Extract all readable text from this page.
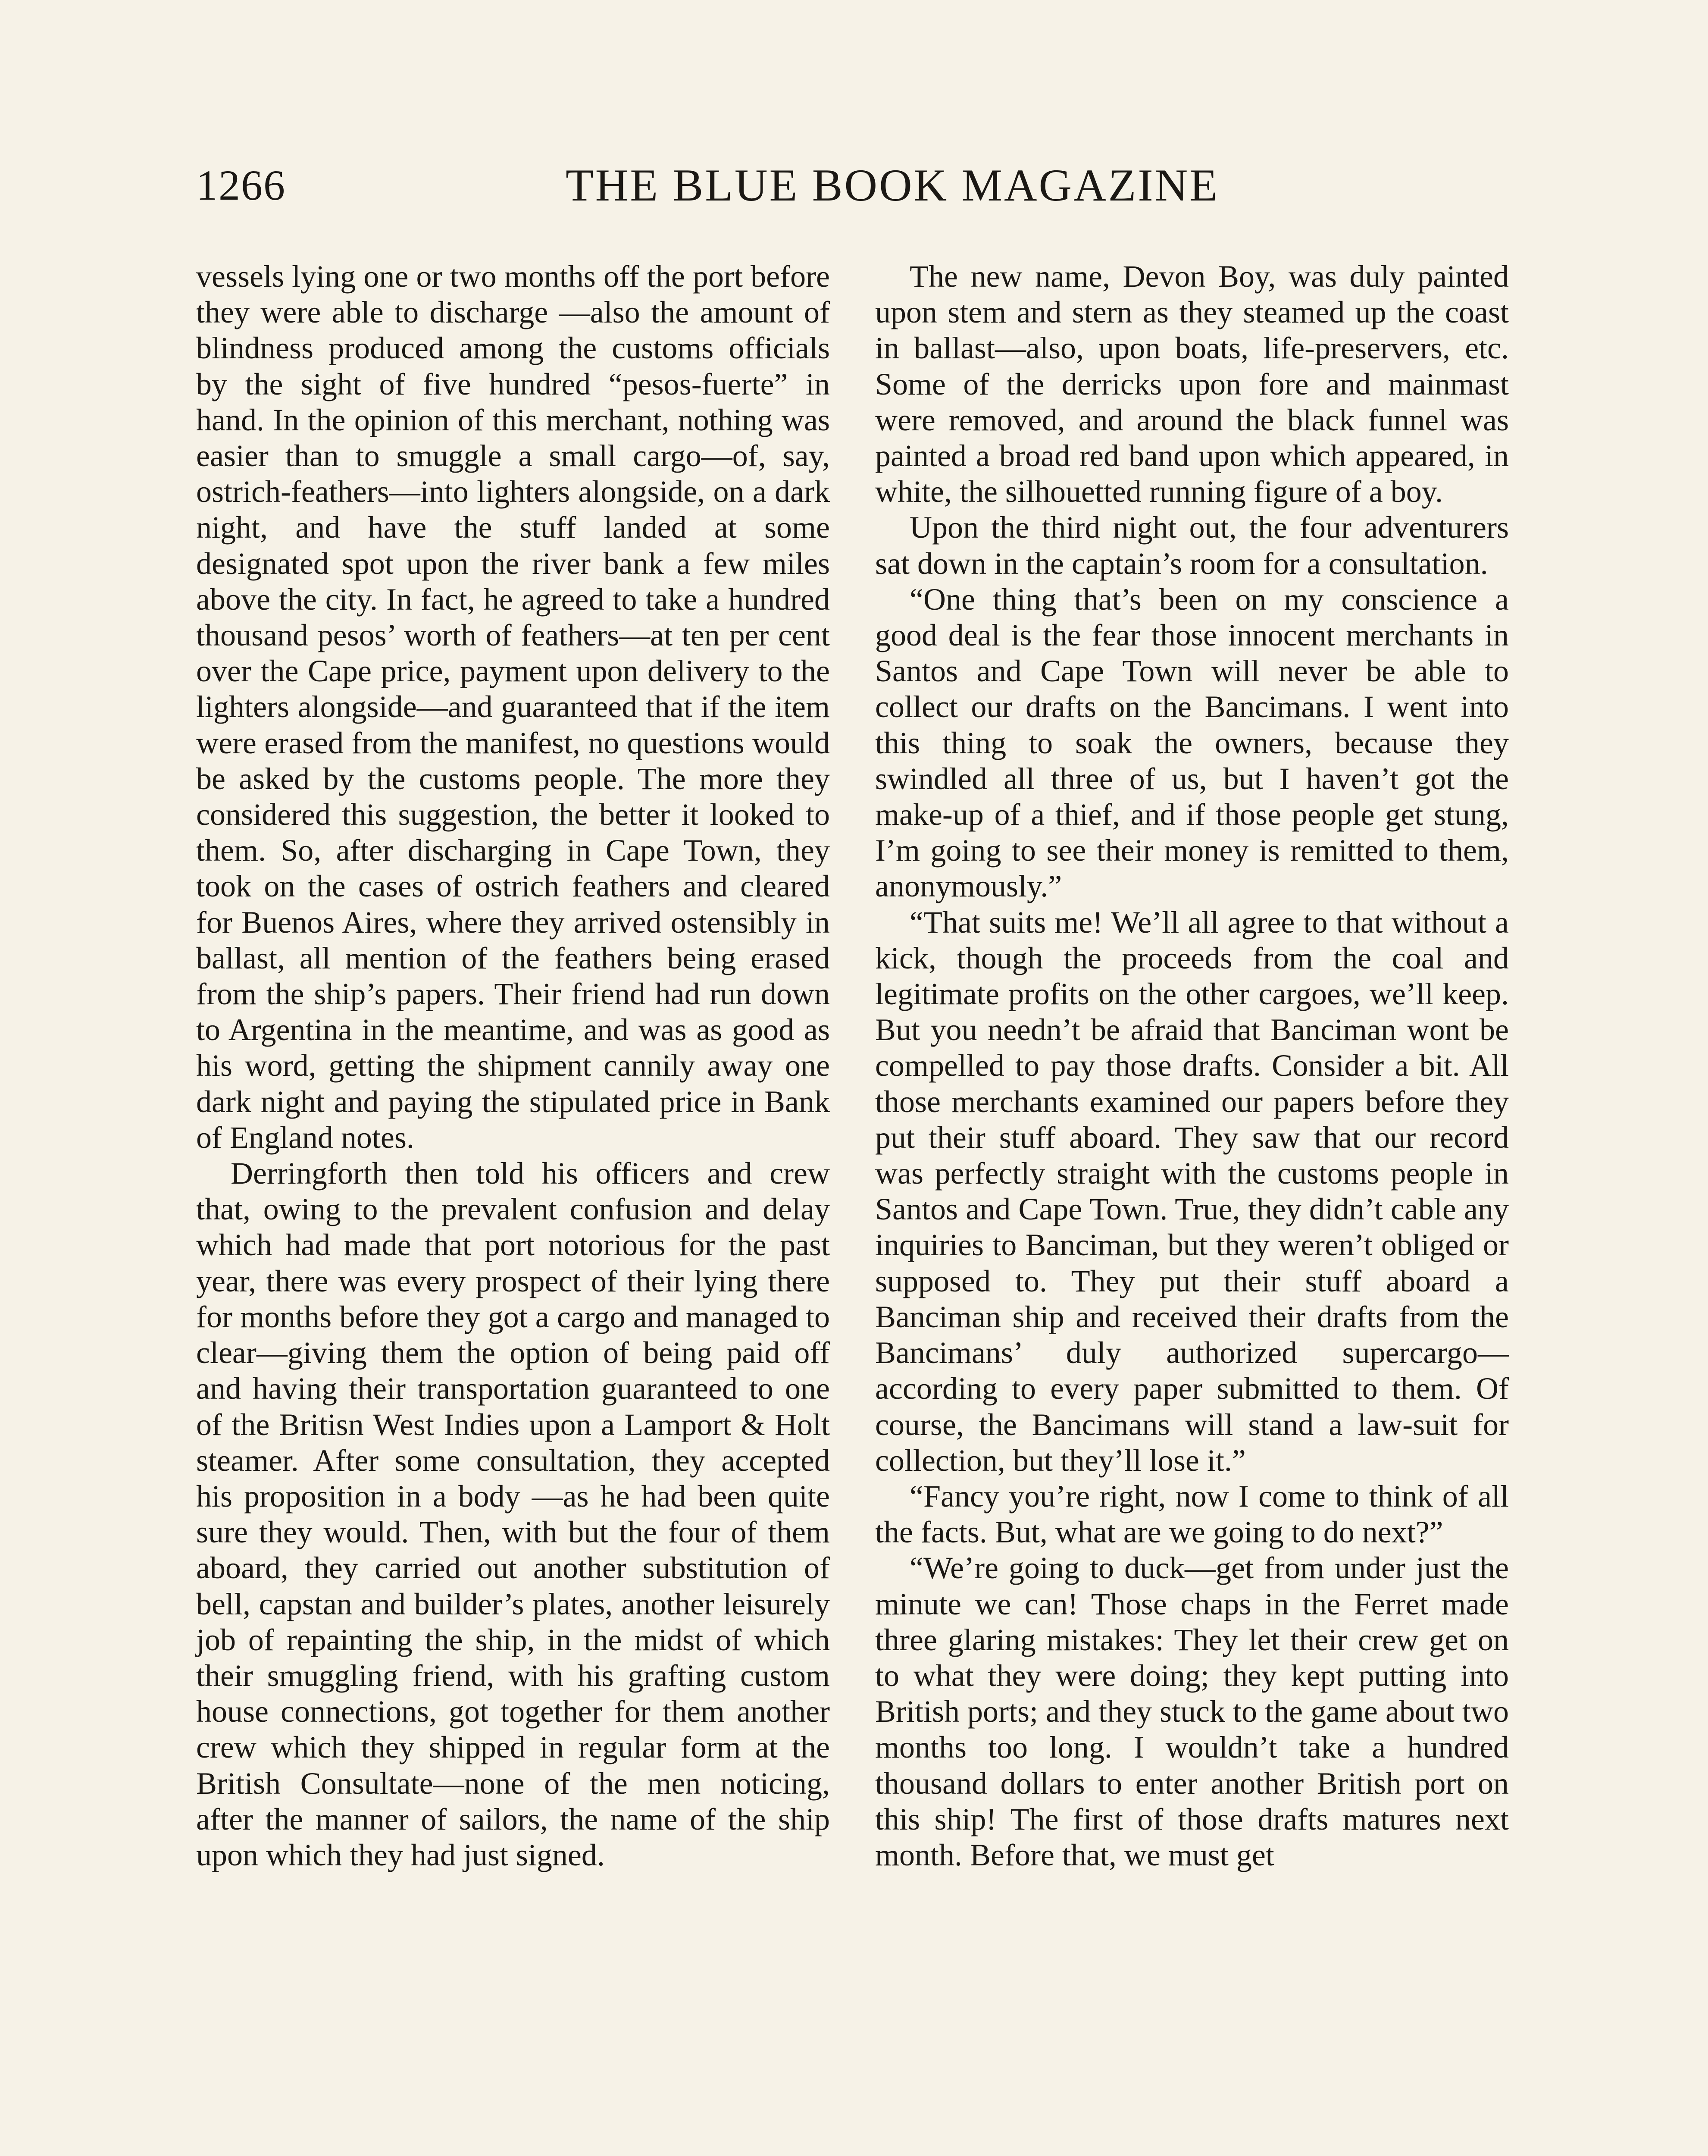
1266	THE BLUE BOOK MAGAZINE

vessels lying one or two months off the port before they were able to discharge —also the amount of blindness produced among the customs officials by the sight of five hundred “pesos-fuerte” in hand. In the opinion of this merchant, nothing was easier than to smuggle a small cargo—of, say, ostrich-feathers—into lighters alongside, on a dark night, and have the stuff landed at some designated spot upon the river bank a few miles above the city. In fact, he agreed to take a hundred thousand pesos’ worth of feathers—at ten per cent over the Cape price, payment upon delivery to the lighters alongside—and guaranteed that if the item were erased from the manifest, no questions would be asked by the customs people. The more they considered this suggestion, the better it looked to them. So, after discharging in Cape Town, they took on the cases of ostrich feathers and cleared for Buenos Aires, where they arrived ostensibly in ballast, all mention of the feathers being erased from the ship’s papers. Their friend had run down to Argentina in the meantime, and was as good as his word, getting the shipment cannily away one dark night and paying the stipulated price in Bank of England notes.

Derringforth then told his officers and crew that, owing to the prevalent confusion and delay which had made that port notorious for the past year, there was every prospect of their lying there for months before they got a cargo and managed to clear—giving them the option of being paid off and having their transportation guaranteed to one of the Britisn West Indies upon a Lamport & Holt steamer. After some consultation, they accepted his proposition in a body —as he had been quite sure they would. Then, with but the four of them aboard, they carried out another substitution of bell, capstan and builder’s plates, another leisurely job of repainting the ship, in the midst of which their smuggling friend, with his grafting custom house connections, got together for them another crew which they shipped in regular form at the British Consultate—none of the men noticing, after the manner of sailors, the name of the ship upon which they had just signed.

The new name, Devon Boy, was duly painted upon stem and stern as they steamed up the coast in ballast—also, upon boats, life-preservers, etc. Some of the derricks upon fore and mainmast were removed, and around the black funnel was painted a broad red band upon which appeared, in white, the silhouetted running figure of a boy.

Upon the third night out, the four adventurers sat down in the captain’s room for a consultation.

“One thing that’s been on my conscience a good deal is the fear those innocent merchants in Santos and Cape Town will never be able to collect our drafts on the Bancimans. I went into this thing to soak the owners, because they swindled all three of us, but I haven’t got the make-up of a thief, and if those people get stung, I’m going to see their money is remitted to them, anonymously.”

“That suits me! We’ll all agree to that without a kick, though the proceeds from the coal and legitimate profits on the other cargoes, we’ll keep. But you needn’t be afraid that Banciman wont be compelled to pay those drafts. Consider a bit. All those merchants examined our papers before they put their stuff aboard. They saw that our record was perfectly straight with the customs people in Santos and Cape Town. True, they didn’t cable any inquiries to Banciman, but they weren’t obliged or supposed to. They put their stuff aboard a Banciman ship and received their drafts from the Bancimans’ duly authorized supercargo—according to every paper submitted to them. Of course, the Bancimans will stand a law-suit for collection, but they’ll lose it.”

“Fancy you’re right, now I come to think of all the facts. But, what are we going to do next?”

“We’re going to duck—get from under just the minute we can! Those chaps in the Ferret made three glaring mistakes: They let their crew get on to what they were doing; they kept putting into British ports; and they stuck to the game about two months too long. I wouldn’t take a hundred thousand dollars to enter another British port on this ship! The first of those drafts matures next month. Before that, we must get
